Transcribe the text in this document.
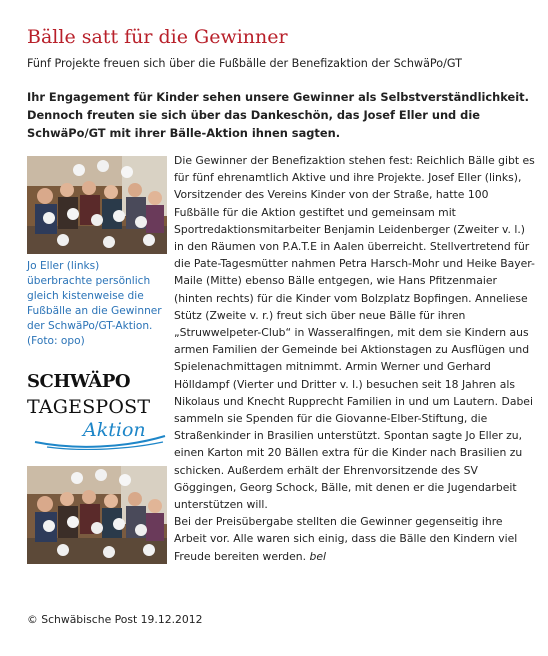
Bälle satt für die Gewinner
Fünf Projekte freuen sich über die Fußbälle der Benefizaktion der SchwäPo/GT
Ihr Engagement für Kinder sehen unsere Gewinner als Selbstverständlichkeit. Dennoch freuten sie sich über das Dankeschön, das Josef Eller und die SchwäPo/GT mit ihrer Bälle-Aktion ihnen sagten.
Jo Eller (links) überbrachte persönlich gleich kistenweise die Fußbälle an die Gewinner der SchwäPo/GT-Aktion. (Foto: opo)
SCHWÄPO
TAGESPOST
Aktion

Die Gewinner der Benefizaktion stehen fest: Reichlich Bälle gibt es für fünf ehrenamtlich Aktive und ihre Projekte. Josef Eller (links), Vorsitzender des Vereins Kinder von der Straße, hatte 100 Fußbälle für die Aktion gestiftet und gemeinsam mit Sportredaktionsmitarbeiter Benjamin Leidenberger (Zweiter v. l.) in den Räumen von P.A.T.E in Aalen überreicht. Stellvertretend für die Pate-Tagesmütter nahmen Petra Harsch-Mohr und Heike Bayer-Maile (Mitte) ebenso Bälle entgegen, wie Hans Pfitzenmaier (hinten rechts) für die Kinder vom Bolzplatz Bopfingen. Anneliese Stütz (Zweite v. r.) freut sich über neue Bälle für ihren „Struwwelpeter-Club“ in Wasseralfingen, mit dem sie Kindern aus armen Familien der Gemeinde bei Aktionstagen zu Ausflügen und Spielenachmittagen mitnimmt. Armin Werner und Gerhard Hölldampf (Vierter und Dritter v. l.) besuchen seit 18 Jahren als Nikolaus und Knecht Rupprecht Familien in und um Lautern. Dabei sammeln sie Spenden für die Giovanne-Elber-Stiftung, die Straßenkinder in Brasilien unterstützt. Spontan sagte Jo Eller zu, einen Karton mit 20 Bällen extra für die Kinder nach Brasilien zu schicken. Außerdem erhält der Ehrenvorsitzende des SV Göggingen, Georg Schock, Bälle, mit denen er die Jugendarbeit unterstützen will.

Bei der Preisübergabe stellten die Gewinner gegenseitig ihre Arbeit vor. Alle waren sich einig, dass die Bälle den Kindern viel Freude bereiten werden. bel

© Schwäbische Post 19.12.2012
